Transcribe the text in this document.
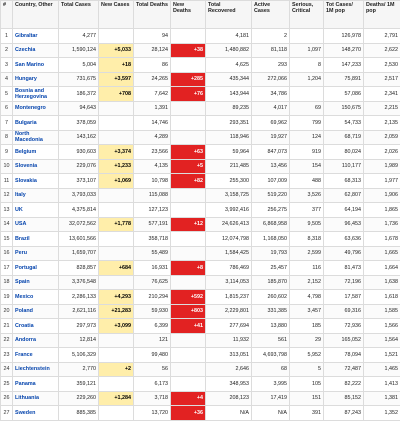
#	Country, Other	Total Cases	New Cases	Total Deaths	New Deaths	Total Recovered	Active Cases	Serious, Critical	Tot Cases/ 1M pop	Deaths/ 1M pop
1	Gibraltar	4,277		94		4,181	2		126,978	2,791
2	Czechia	1,590,124	+5,033	28,124	+38	1,480,882	81,118	1,097	148,270	2,622
3	San Marino	5,004	+18	86		4,625	293	8	147,233	2,530
4	Hungary	731,675	+3,597	24,265	+285	435,344	272,066	1,204	75,891	2,517
5	Bosnia and Herzegovina	186,372	+708	7,642	+76	143,944	34,786		57,086	2,341
6	Montenegro	94,643		1,391		89,235	4,017	69	150,675	2,215
7	Bulgaria	378,059		14,746		293,351	69,962	799	54,733	2,135
8	North Macedonia	143,162		4,289		118,946	19,927	124	68,719	2,059
9	Belgium	930,603	+3,374	23,566	+63	59,964	847,073	919	80,024	2,026
10	Slovenia	229,076	+1,233	4,135	+5	211,485	13,456	154	110,177	1,989
11	Slovakia	373,107	+1,069	10,798	+82	255,300	107,009	488	68,313	1,977
12	Italy	3,793,033		115,088		3,158,725	519,220	3,526	62,807	1,906
13	UK	4,375,814		127,123		3,992,416	256,275	377	64,194	1,865
14	USA	32,072,562	+1,778	577,191	+12	24,626,413	6,868,958	9,505	96,453	1,736
15	Brazil	13,601,566		358,718		12,074,798	1,168,050	8,318	63,636	1,678
16	Peru	1,659,707		55,489		1,584,425	19,793	2,599	49,796	1,665
17	Portugal	828,857	+684	16,931	+8	786,469	25,457	116	81,473	1,664
18	Spain	3,376,548		76,625		3,114,053	185,870	2,152	72,196	1,638
19	Mexico	2,286,133	+4,293	210,294	+592	1,815,237	260,602	4,798	17,587	1,618
20	Poland	2,621,116	+21,283	59,930	+803	2,229,801	331,385	3,457	69,316	1,585
21	Croatia	297,973	+3,099	6,399	+41	277,694	13,880	185	72,936	1,566
22	Andorra	12,814		121		11,932	561	29	165,052	1,564
23	France	5,106,329		99,480		313,051	4,693,798	5,952	78,094	1,521
24	Liechtenstein	2,770	+2	56		2,646	68	5	72,487	1,465
25	Panama	359,121		6,173		348,953	3,995	105	82,222	1,413
26	Lithuania	229,260	+1,284	3,718	+4	208,123	17,419	151	85,152	1,381
27	Sweden	885,385		13,720	+36	N/A	N/A	391	87,243	1,352
